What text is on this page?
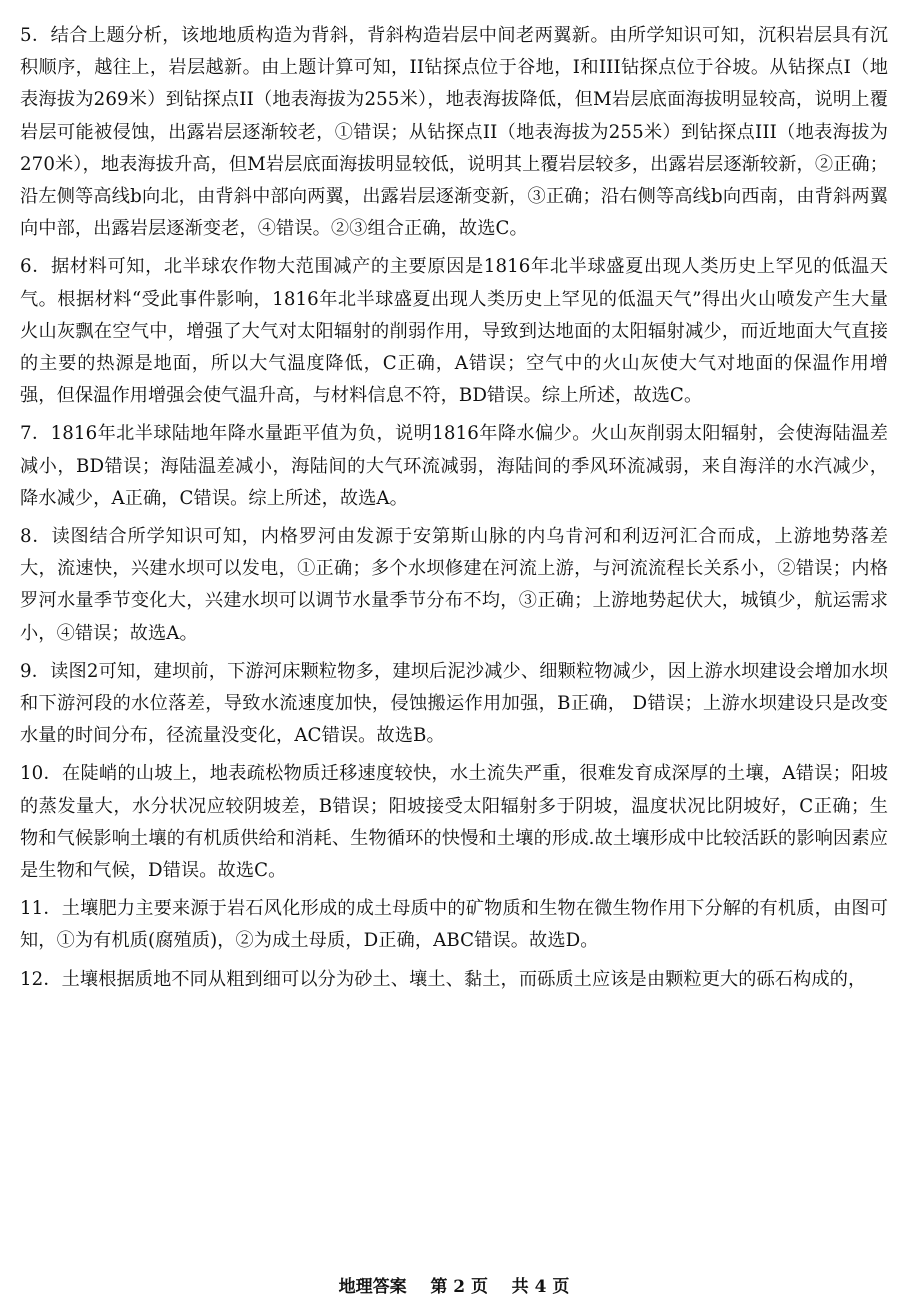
5．结合上题分析，该地地质构造为背斜，背斜构造岩层中间老两翼新。由所学知识可知，沉积岩层具有沉积顺序，越往上，岩层越新。由上题计算可知，II钻探点位于谷地，I和III钻探点位于谷坡。从钻探点I（地表海拔为269米）到钻探点II（地表海拔为255米），地表海拔降低，但M岩层底面海拔明显较高，说明上覆岩层可能被侵蚀，出露岩层逐渐较老，①错误；从钻探点II（地表海拔为255米）到钻探点III（地表海拔为270米），地表海拔升高，但M岩层底面海拔明显较低，说明其上覆岩层较多，出露岩层逐渐较新，②正确；沿左侧等高线b向北，由背斜中部向两翼，出露岩层逐渐变新，③正确；沿右侧等高线b向西南，由背斜两翼向中部，出露岩层逐渐变老，④错误。②③组合正确，故选C。

6．据材料可知，北半球农作物大范围减产的主要原因是1816年北半球盛夏出现人类历史上罕见的低温天气。根据材料“受此事件影响，1816年北半球盛夏出现人类历史上罕见的低温天气”得出火山喷发产生大量火山灰飘在空气中，增强了大气对太阳辐射的削弱作用，导致到达地面的太阳辐射减少，而近地面大气直接的主要的热源是地面，所以大气温度降低，C正确，A错误；空气中的火山灰使大气对地面的保温作用增强，但保温作用增强会使气温升高，与材料信息不符，BD错误。综上所述，故选C。

7．1816年北半球陆地年降水量距平值为负，说明1816年降水偏少。火山灰削弱太阳辐射，会使海陆温差减小，BD错误；海陆温差减小，海陆间的大气环流减弱，海陆间的季风环流减弱，来自海洋的水汽减少，降水减少，A正确，C错误。综上所述，故选A。

8．读图结合所学知识可知，内格罗河由发源于安第斯山脉的内乌肯河和利迈河汇合而成，上游地势落差大，流速快，兴建水坝可以发电，①正确；多个水坝修建在河流上游，与河流流程长关系小，②错误；内格罗河水量季节变化大，兴建水坝可以调节水量季节分布不均，③正确；上游地势起伏大，城镇少，航运需求小，④错误；故选A。

9．读图2可知，建坝前，下游河床颗粒物多，建坝后泥沙减少、细颗粒物减少，因上游水坝建设会增加水坝和下游河段的水位落差，导致水流速度加快，侵蚀搬运作用加强，B正确， D错误；上游水坝建设只是改变水量的时间分布，径流量没变化，AC错误。故选B。

10．在陡峭的山坡上，地表疏松物质迁移速度较快，水土流失严重，很难发育成深厚的土壤，A错误；阳坡的蒸发量大，水分状况应较阴坡差，B错误；阳坡接受太阳辐射多于阴坡，温度状况比阴坡好，C正确；生物和气候影响土壤的有机质供给和消耗、生物循环的快慢和土壤的形成.故土壤形成中比较活跃的影响因素应是生物和气候，D错误。故选C。

11．土壤肥力主要来源于岩石风化形成的成土母质中的矿物质和生物在微生物作用下分解的有机质，由图可知，①为有机质(腐殖质)，②为成土母质，D正确，ABC错误。故选D。

12．土壤根据质地不同从粗到细可以分为砂土、壤土、黏土，而砾质土应该是由颗粒更大的砾石构成的，

地理答案    第 2 页    共 4 页
